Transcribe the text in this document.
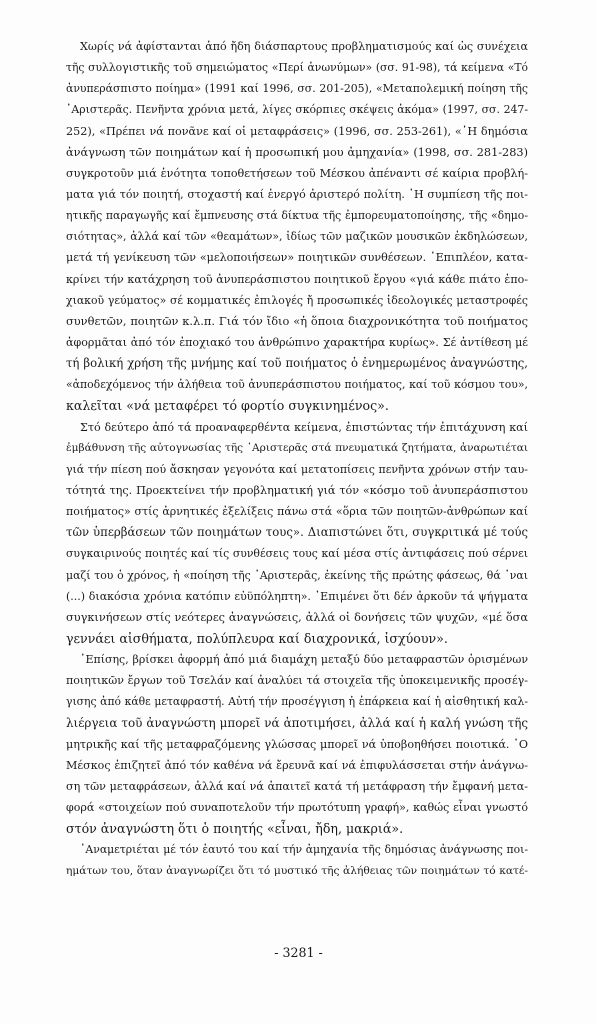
Χωρίς νά ἀφίστανται ἀπό ἤδη διάσπαρτους προβληματισμούς καί ὡς συνέχεια
τῆς συλλογιστικῆς τοῦ σημειώματος «Περί ἀνωνύμων» (σσ. 91-98), τά κείμενα «Τό
ἀνυπεράσπιστο ποίημα» (1991 καί 1996, σσ. 201-205), «Μεταπολεμική ποίηση τῆς
᾽Αριστερᾶς. Πενῆντα χρόνια μετά, λίγες σκόρπιες σκέψεις ἀκόμα» (1997, σσ. 247-
252), «Πρέπει νά πονᾶνε καί οἱ μεταφράσεις» (1996, σσ. 253-261), «῾Η δημόσια
ἀνάγνωση τῶν ποιημάτων καί ἡ προσωπική μου ἀμηχανία» (1998, σσ. 281-283)
συγκροτοῦν μιά ἑνότητα τοποθετήσεων τοῦ Μέσκου ἀπέναντι σέ καίρια προβλή-
ματα γιά τόν ποιητή, στοχαστή καί ἐνεργό ἀριστερό πολίτη. ῾Η συμπίεση τῆς ποι-
ητικῆς παραγωγῆς καί ἔμπνευσης στά δίκτυα τῆς ἐμπορευματοποίησης, τῆς «δημο-
σιότητας», ἀλλά καί τῶν «θεαμάτων», ἰδίως τῶν μαζικῶν μουσικῶν ἐκδηλώσεων,
μετά τή γενίκευση τῶν «μελοποιήσεων» ποιητικῶν συνθέσεων. ᾽Επιπλέον, κατα-
κρίνει τήν κατάχρηση τοῦ ἀνυπεράσπιστου ποιητικοῦ ἔργου «γιά κάθε πιάτο ἐπο-
χιακοῦ γεύματος» σέ κομματικές ἐπιλογές ἤ προσωπικές ἰδεολογικές μεταστροφές
συνθετῶν, ποιητῶν κ.λ.π. Γιά τόν ἴδιο «ἡ ὅποια διαχρονικότητα τοῦ ποιήματος
ἀφορμᾶται ἀπό τόν ἐποχιακό του ἀνθρώπινο χαρακτήρα κυρίως». Σέ ἀντίθεση μέ
τή βολική χρήση τῆς μνήμης καί τοῦ ποιήματος ὁ ἐνημερωμένος ἀναγνώστης,
«ἀποδεχόμενος τήν ἀλήθεια τοῦ ἀνυπεράσπιστου ποιήματος, καί τοῦ κόσμου του»,
καλεῖται «νά μεταφέρει τό φορτίο συγκινημένος».
Στό δεύτερο ἀπό τά προαναφερθέντα κείμενα, ἐπιστώντας τήν ἐπιτάχυνση καί
ἐμβάθυνση τῆς αὐτογνωσίας τῆς ᾽Αριστερᾶς στά πνευματικά ζητήματα, ἀναρωτιέται
γιά τήν πίεση πού ἄσκησαν γεγονότα καί μετατοπίσεις πενῆντα χρόνων στήν ταυ-
τότητά της. Προεκτείνει τήν προβληματική γιά τόν «κόσμο τοῦ ἀνυπεράσπιστου
ποιήματος» στίς ἀρνητικές ἐξελίξεις πάνω στά «ὅρια τῶν ποιητῶν-ἀνθρώπων καί
τῶν ὑπερβάσεων τῶν ποιημάτων τους». Διαπιστώνει ὅτι, συγκριτικά μέ τούς
συγκαιρινούς ποιητές καί τίς συνθέσεις τους καί μέσα στίς ἀντιφάσεις πού σέρνει
μαζί του ὁ χρόνος, ἡ «ποίηση τῆς ᾽Αριστερᾶς, ἐκείνης τῆς πρώτης φάσεως, θά ᾽ναι
(...) διακόσια χρόνια κατόπιν εὐϋπόληπτη». ᾽Επιμένει ὅτι δέν ἀρκοῦν τά ψήγματα
συγκινήσεων στίς νεότερες ἀναγνώσεις, ἀλλά οἱ δονήσεις τῶν ψυχῶν, «μέ ὅσα
γεννάει αἰσθήματα, πολύπλευρα καί διαχρονικά, ἰσχύουν».
᾽Επίσης, βρίσκει ἀφορμή ἀπό μιά διαμάχη μεταξύ δύο μεταφραστῶν ὁρισμένων
ποιητικῶν ἔργων τοῦ Τσελάν καί ἀναλύει τά στοιχεῖα τῆς ὑποκειμενικῆς προσέγ-
γισης ἀπό κάθε μεταφραστή. Αὐτή τήν προσέγγιση ἡ ἐπάρκεια καί ἡ αἰσθητική καλ-
λιέργεια τοῦ ἀναγνώστη μπορεῖ νά ἀποτιμήσει, ἀλλά καί ἡ καλή γνώση τῆς
μητρικῆς καί τῆς μεταφραζόμενης γλώσσας μπορεῖ νά ὑποβοηθήσει ποιοτικά. ῾Ο
Μέσκος ἐπιζητεῖ ἀπό τόν καθένα νά ἔρευνᾶ καί νά ἐπιφυλάσσεται στήν ἀνάγνω-
ση τῶν μεταφράσεων, ἀλλά καί νά ἀπαιτεῖ κατά τή μετάφραση τήν ἔμφανή μετα-
φορά «στοιχείων πού συναποτελοῦν τήν πρωτότυπη γραφή», καθώς εἶναι γνωστό
στόν ἀναγνώστη ὅτι ὁ ποιητής «εἶναι, ἤδη, μακριά».
᾽Αναμετριέται μέ τόν ἑαυτό του καί τήν ἀμηχανία τῆς δημόσιας ἀνάγνωσης ποι-
ημάτων του, ὅταν ἀναγνωρίζει ὅτι τό μυστικό τῆς ἀλήθειας τῶν ποιημάτων τό κατέ-
- 3281 -
